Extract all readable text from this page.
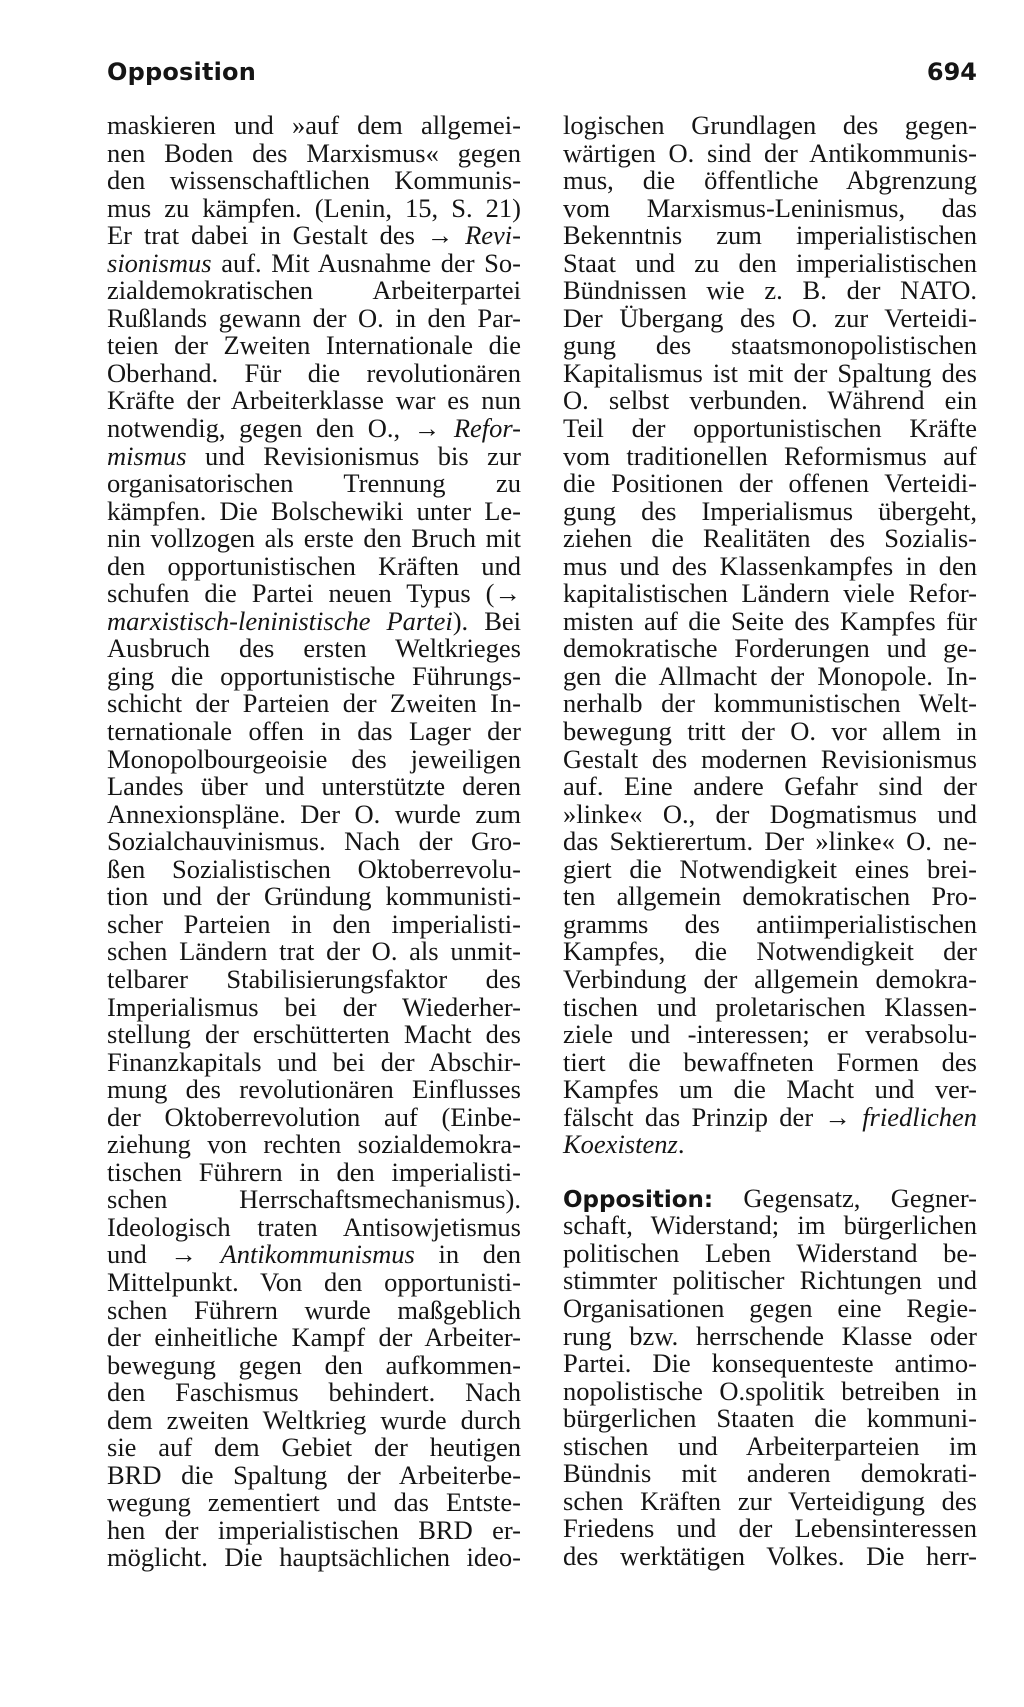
Opposition	694
maskieren und »auf dem allgemei-
nen Boden des Marxismus« gegen
den wissenschaftlichen Kommunis-
mus zu kämpfen. (Lenin, 15, S. 21)
Er trat dabei in Gestalt des → Revi-
sionismus auf. Mit Ausnahme der So-
zialdemokratischen Arbeiterpartei
Rußlands gewann der O. in den Par-
teien der Zweiten Internationale die
Oberhand. Für die revolutionären
Kräfte der Arbeiterklasse war es nun
notwendig, gegen den O., → Refor-
mismus und Revisionismus bis zur
organisatorischen Trennung zu
kämpfen. Die Bolschewiki unter Le-
nin vollzogen als erste den Bruch mit
den opportunistischen Kräften und
schufen die Partei neuen Typus (→
marxistisch-leninistische Partei). Bei
Ausbruch des ersten Weltkrieges
ging die opportunistische Führungs-
schicht der Parteien der Zweiten In-
ternationale offen in das Lager der
Monopolbourgeoisie des jeweiligen
Landes über und unterstützte deren
Annexionspläne. Der O. wurde zum
Sozialchauvinismus. Nach der Gro-
ßen Sozialistischen Oktoberrevolu-
tion und der Gründung kommunisti-
scher Parteien in den imperialisti-
schen Ländern trat der O. als unmit-
telbarer Stabilisierungsfaktor des
Imperialismus bei der Wiederher-
stellung der erschütterten Macht des
Finanzkapitals und bei der Abschir-
mung des revolutionären Einflusses
der Oktoberrevolution auf (Einbe-
ziehung von rechten sozialdemokra-
tischen Führern in den imperialisti-
schen Herrschaftsmechanismus).
Ideologisch traten Antisowjetismus
und → Antikommunismus in den
Mittelpunkt. Von den opportunisti-
schen Führern wurde maßgeblich
der einheitliche Kampf der Arbeiter-
bewegung gegen den aufkommen-
den Faschismus behindert. Nach
dem zweiten Weltkrieg wurde durch
sie auf dem Gebiet der heutigen
BRD die Spaltung der Arbeiterbe-
wegung zementiert und das Entste-
hen der imperialistischen BRD er-
möglicht. Die hauptsächlichen ideo-
logischen Grundlagen des gegen-
wärtigen O. sind der Antikommunis-
mus, die öffentliche Abgrenzung
vom Marxismus-Leninismus, das
Bekenntnis zum imperialistischen
Staat und zu den imperialistischen
Bündnissen wie z. B. der NATO.
Der Übergang des O. zur Verteidi-
gung des staatsmonopolistischen
Kapitalismus ist mit der Spaltung des
O. selbst verbunden. Während ein
Teil der opportunistischen Kräfte
vom traditionellen Reformismus auf
die Positionen der offenen Verteidi-
gung des Imperialismus übergeht,
ziehen die Realitäten des Sozialis-
mus und des Klassenkampfes in den
kapitalistischen Ländern viele Refor-
misten auf die Seite des Kampfes für
demokratische Forderungen und ge-
gen die Allmacht der Monopole. In-
nerhalb der kommunistischen Welt-
bewegung tritt der O. vor allem in
Gestalt des modernen Revisionismus
auf. Eine andere Gefahr sind der
»linke« O., der Dogmatismus und
das Sektierertum. Der »linke« O. ne-
giert die Notwendigkeit eines brei-
ten allgemein demokratischen Pro-
gramms des antiimperialistischen
Kampfes, die Notwendigkeit der
Verbindung der allgemein demokra-
tischen und proletarischen Klassen-
ziele und -interessen; er verabsolu-
tiert die bewaffneten Formen des
Kampfes um die Macht und ver-
fälscht das Prinzip der → friedlichen
Koexistenz.
Opposition: Gegensatz, Gegner-
schaft, Widerstand; im bürgerlichen
politischen Leben Widerstand be-
stimmter politischer Richtungen und
Organisationen gegen eine Regie-
rung bzw. herrschende Klasse oder
Partei. Die konsequenteste antimo-
nopolistische O.spolitik betreiben in
bürgerlichen Staaten die kommuni-
stischen und Arbeiterparteien im
Bündnis mit anderen demokrati-
schen Kräften zur Verteidigung des
Friedens und der Lebensinteressen
des werktätigen Volkes. Die herr-
